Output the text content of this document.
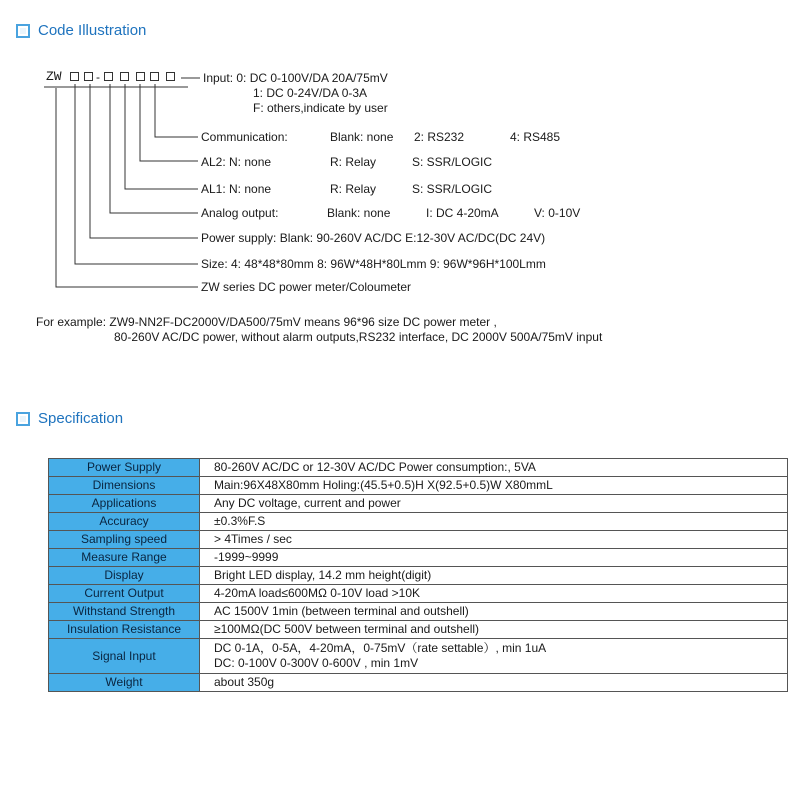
Code Illustration
ZW	-	Input: 0: DC 0-100V/DA 20A/75mV
1: DC 0-24V/DA 0-3A
F: others,indicate by user
Communication:	Blank: none 2: RS232	4: RS485
AL2: N: none	R: Relay	S: SSR/LOGIC
AL1: N: none	R: Relay	S: SSR/LOGIC
Analog output:	Blank: none	I: DC 4-20mA	V: 0-10V
Power supply: Blank: 90-260V AC/DC E:12-30V AC/DC(DC 24V)
Size: 4: 48*48*80mm 8: 96W*48H*80Lmm 9: 96W*96H*100Lmm
ZW series DC power meter/Coloumeter
For example: ZW9-NN2F-DC2000V/DA500/75mV means 96*96 size DC power meter ,
80-260V AC/DC power, without alarm outputs,RS232 interface, DC 2000V 500A/75mV input
Specification
Power Supply	80-260V AC/DC or 12-30V AC/DC Power consumption:, 5VA
Dimensions	Main:96X48X80mm Holing:(45.5+0.5)H X(92.5+0.5)W X80mmL
Applications	Any DC voltage, current and power
Accuracy	±0.3%F.S
Sampling speed	> 4Times / sec
Measure Range	-1999~9999
Display	Bright LED display, 14.2 mm height(digit)
Current Output	4-20mA load≤600MΩ 0-10V load >10K
Withstand Strength	AC 1500V 1min (between terminal and outshell)
Insulation Resistance	≥100MΩ(DC 500V between terminal and outshell)
Signal Input	DC 0-1A，0-5A，4-20mA，0-75mV（rate settable）, min 1uA
DC: 0-100V 0-300V 0-600V , min 1mV

Weight	about 350g
